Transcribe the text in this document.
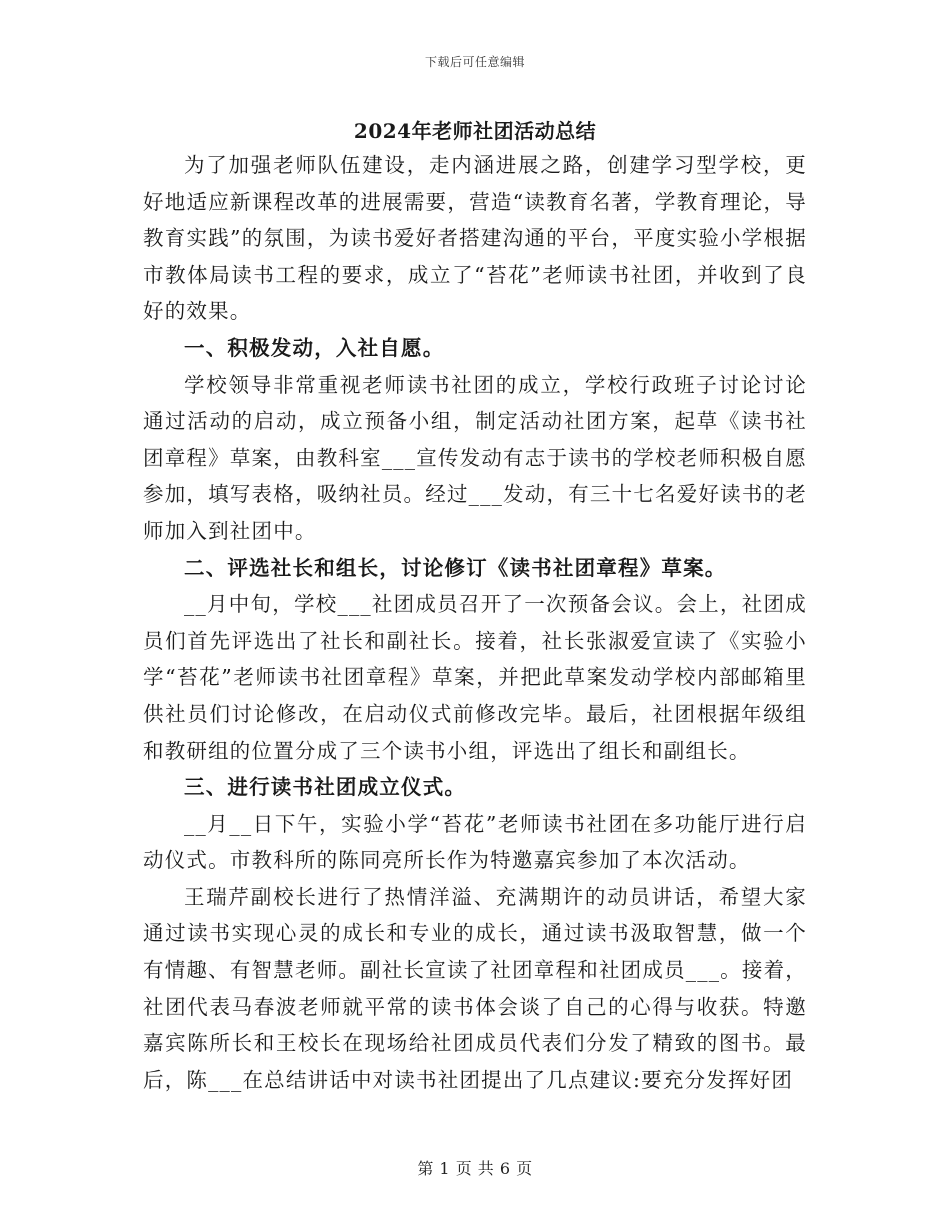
下载后可任意编辑
2024年老师社团活动总结

为了加强老师队伍建设，走内涵进展之路，创建学习型学校，更好地适应新课程改革的进展需要，营造“读教育名著，学教育理论，导教育实践”的氛围，为读书爱好者搭建沟通的平台，平度实验小学根据市教体局读书工程的要求，成立了“苔花”老师读书社团，并收到了良好的效果。

一、积极发动，入社自愿。

学校领导非常重视老师读书社团的成立，学校行政班子讨论讨论通过活动的启动，成立预备小组，制定活动社团方案，起草《读书社团章程》草案，由教科室___宣传发动有志于读书的学校老师积极自愿参加，填写表格，吸纳社员。经过___发动，有三十七名爱好读书的老师加入到社团中。

二、评选社长和组长，讨论修订《读书社团章程》草案。

__月中旬，学校___社团成员召开了一次预备会议。会上，社团成员们首先评选出了社长和副社长。接着，社长张淑爱宣读了《实验小学“苔花”老师读书社团章程》草案，并把此草案发动学校内部邮箱里供社员们讨论修改，在启动仪式前修改完毕。最后，社团根据年级组和教研组的位置分成了三个读书小组，评选出了组长和副组长。

三、进行读书社团成立仪式。

__月__日下午，实验小学“苔花”老师读书社团在多功能厅进行启动仪式。市教科所的陈同亮所长作为特邀嘉宾参加了本次活动。

王瑞芹副校长进行了热情洋溢、充满期许的动员讲话，希望大家通过读书实现心灵的成长和专业的成长，通过读书汲取智慧，做一个有情趣、有智慧老师。副社长宣读了社团章程和社团成员___。接着，社团代表马春波老师就平常的读书体会谈了自己的心得与收获。特邀嘉宾陈所长和王校长在现场给社团成员代表们分发了精致的图书。最后，陈___在总结讲话中对读书社团提出了几点建议:要充分发挥好团

第 1 页 共 6 页
